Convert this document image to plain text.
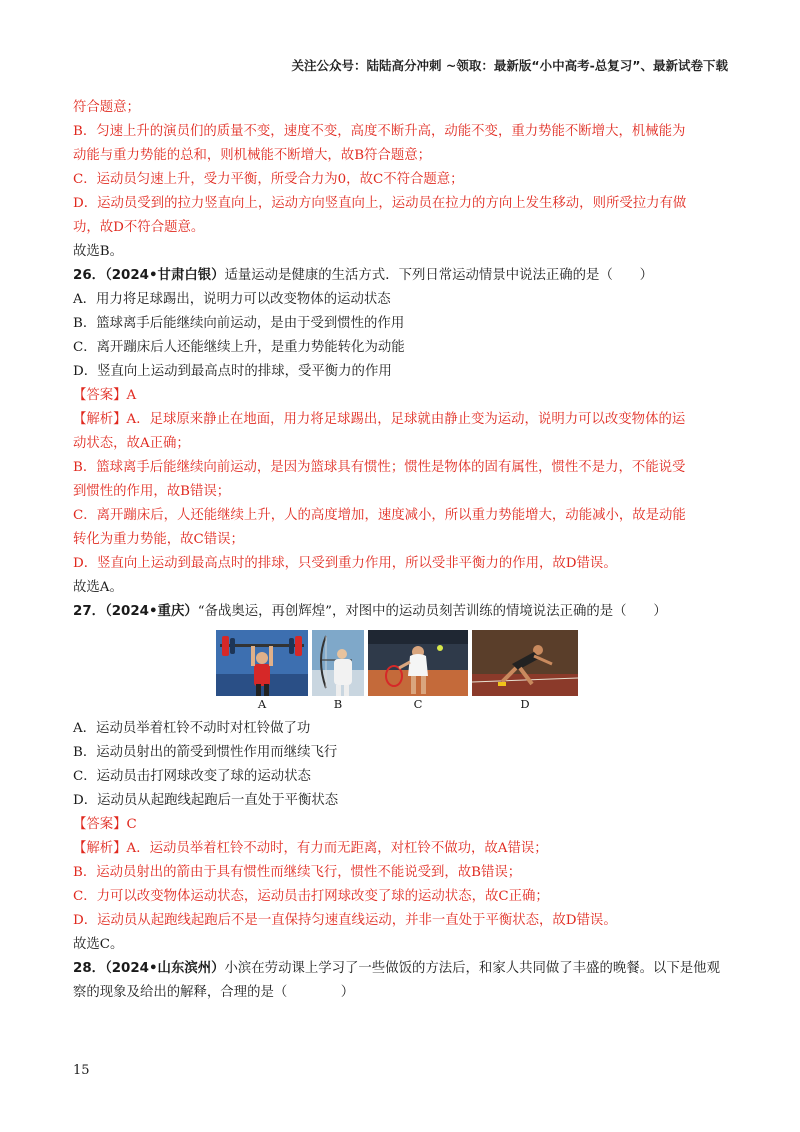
关注公众号：陆陆高分冲刺 ~领取：最新版“小中高考-总复习”、最新试卷下载
符合题意；
B．匀速上升的演员们的质量不变，速度不变，高度不断升高，动能不变，重力势能不断增大，机械能为
动能与重力势能的总和，则机械能不断增大，故B符合题意；
C．运动员匀速上升，受力平衡，所受合力为0，故C不符合题意；
D．运动员受到的拉力竖直向上，运动方向竖直向上，运动员在拉力的方向上发生移动，则所受拉力有做
功，故D不符合题意。
故选B。
26．（2024•甘肃白银）适量运动是健康的生活方式．下列日常运动情景中说法正确的是（　　）
A．用力将足球踢出，说明力可以改变物体的运动状态
B．篮球离手后能继续向前运动，是由于受到惯性的作用
C．离开蹦床后人还能继续上升，是重力势能转化为动能
D．竖直向上运动到最高点时的排球，受平衡力的作用
【答案】A
【解析】A．足球原来静止在地面，用力将足球踢出，足球就由静止变为运动，说明力可以改变物体的运
动状态，故A正确；
B．篮球离手后能继续向前运动，是因为篮球具有惯性；惯性是物体的固有属性，惯性不是力，不能说受
到惯性的作用，故B错误；
C．离开蹦床后，人还能继续上升，人的高度增加，速度减小，所以重力势能增大，动能减小，故是动能
转化为重力势能，故C错误；
D．竖直向上运动到最高点时的排球，只受到重力作用，所以受非平衡力的作用，故D错误。
故选A。
27．（2024•重庆）“备战奥运，再创辉煌”，对图中的运动员刻苦训练的情境说法正确的是（　　）
A	B	C	D
A．运动员举着杠铃不动时对杠铃做了功
B．运动员射出的箭受到惯性作用而继续飞行
C．运动员击打网球改变了球的运动状态
D．运动员从起跑线起跑后一直处于平衡状态
【答案】C
【解析】A．运动员举着杠铃不动时，有力而无距离，对杠铃不做功，故A错误；
B．运动员射出的箭由于具有惯性而继续飞行，惯性不能说受到，故B错误；
C．力可以改变物体运动状态，运动员击打网球改变了球的运动状态，故C正确；
D．运动员从起跑线起跑后不是一直保持匀速直线运动，并非一直处于平衡状态，故D错误。
故选C。
28．（2024•山东滨州）小滨在劳动课上学习了一些做饭的方法后，和家人共同做了丰盛的晚餐。以下是他观察的现象及给出的解释，合理的是（　　　　）
15
